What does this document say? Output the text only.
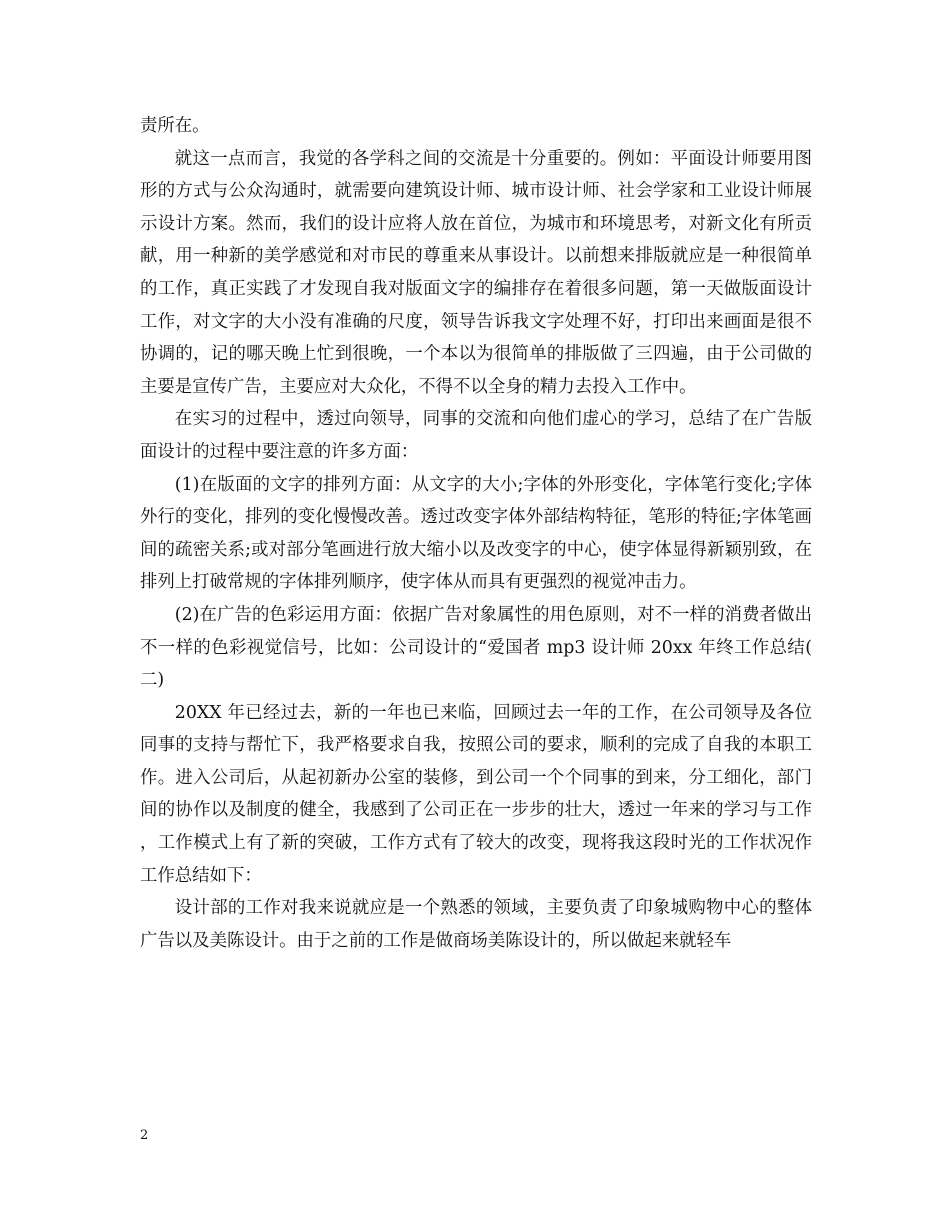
责所在。

就这一点而言，我觉的各学科之间的交流是十分重要的。例如：平面设计师要用图形的方式与公众沟通时，就需要向建筑设计师、城市设计师、社会学家和工业设计师展示设计方案。然而，我们的设计应将人放在首位，为城市和环境思考，对新文化有所贡献，用一种新的美学感觉和对市民的尊重来从事设计。以前想来排版就应是一种很简单的工作，真正实践了才发现自我对版面文字的编排存在着很多问题，第一天做版面设计工作，对文字的大小没有准确的尺度，领导告诉我文字处理不好，打印出来画面是很不协调的，记的哪天晚上忙到很晚，一个本以为很简单的排版做了三四遍，由于公司做的主要是宣传广告，主要应对大众化，不得不以全身的精力去投入工作中。

在实习的过程中，透过向领导，同事的交流和向他们虚心的学习，总结了在广告版面设计的过程中要注意的许多方面：

(1)在版面的文字的排列方面：从文字的大小;字体的外形变化，字体笔行变化;字体外行的变化，排列的变化慢慢改善。透过改变字体外部结构特征，笔形的特征;字体笔画间的疏密关系;或对部分笔画进行放大缩小以及改变字的中心，使字体显得新颖别致，在排列上打破常规的字体排列顺序，使字体从而具有更强烈的视觉冲击力。

(2)在广告的色彩运用方面：依据广告对象属性的用色原则，对不一样的消费者做出不一样的色彩视觉信号，比如：公司设计的“爱国者 mp3 设计师 20xx 年终工作总结(二)

20XX 年已经过去，新的一年也已来临，回顾过去一年的工作，在公司领导及各位同事的支持与帮忙下，我严格要求自我，按照公司的要求，顺利的完成了自我的本职工作。进入公司后，从起初新办公室的装修，到公司一个个同事的到来，分工细化，部门间的协作以及制度的健全，我感到了公司正在一步步的壮大，透过一年来的学习与工作，工作模式上有了新的突破，工作方式有了较大的改变，现将我这段时光的工作状况作工作总结如下：

设计部的工作对我来说就应是一个熟悉的领域，主要负责了印象城购物中心的整体广告以及美陈设计。由于之前的工作是做商场美陈设计的，所以做起来就轻车

2
